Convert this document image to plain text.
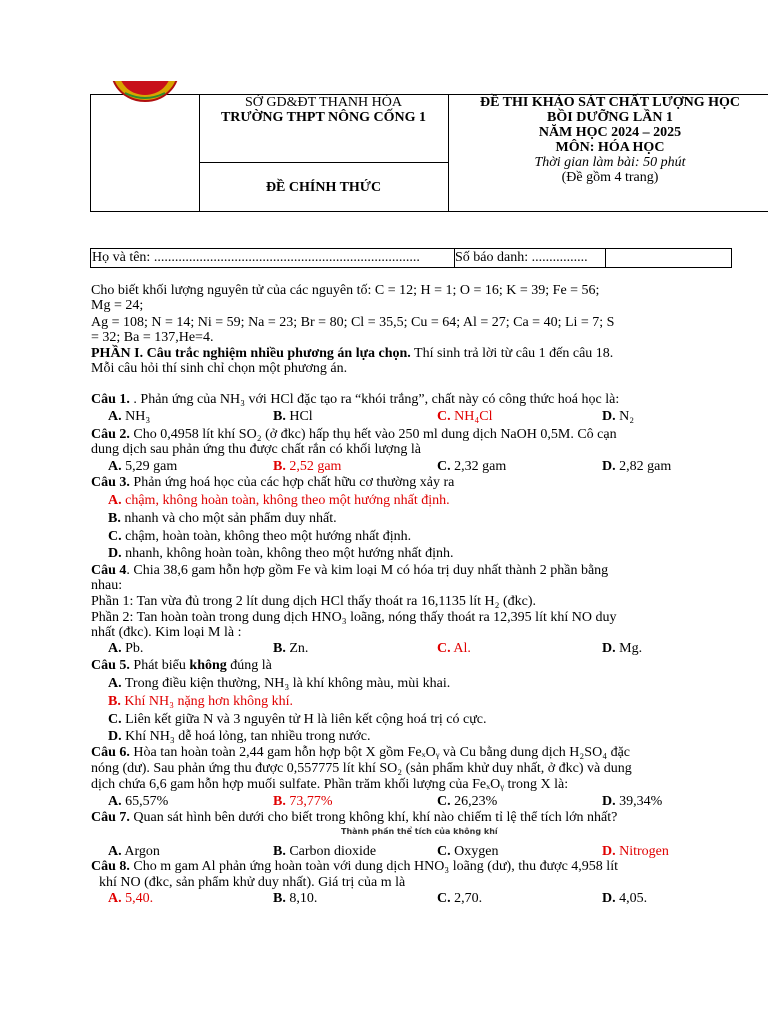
SỞ GD&ĐT THANH HÓA
TRƯỜNG THPT NÔNG CỐNG 1
ĐỀ CHÍNH THỨC
ĐỀ THI KHẢO SÁT CHẤT LƯỢNG HỌC
BỒI DƯỠNG LẦN 1
NĂM HỌC 2024 – 2025
MÔN: HÓA HỌC
Thời gian làm bài: 50 phút
(Đề gồm 4 trang)
Họ và tên: ............................................................................	Số báo danh: ................
Cho biết khối lượng nguyên tử của các nguyên tố: C = 12; H = 1; O = 16; K = 39; Fe = 56;
Mg = 24;
Ag = 108; N = 14; Ni = 59; Na = 23; Br = 80; Cl = 35,5; Cu = 64; Al = 27; Ca = 40; Li = 7; S
= 32; Ba = 137,He=4.
PHẦN I. Câu trắc nghiệm nhiều phương án lựa chọn. Thí sinh trả lời từ câu 1 đến câu 18.
Mỗi câu hỏi thí sinh chỉ chọn một phương án.
Câu 1. . Phản ứng của NH₃ với HCl đặc tạo ra “khói trắng”, chất này có công thức hoá học là:
A. NH₃	B. HCl	C. NH₄Cl	D. N₂
Câu 2. Cho 0,4958 lít khí SO₂ (ở đkc) hấp thụ hết vào 250 ml dung dịch NaOH 0,5M. Cô cạn
dung dịch sau phản ứng thu được chất rắn có khối lượng là
A. 5,29 gam	B. 2,52 gam	C. 2,32 gam	D. 2,82 gam
Câu 3. Phản ứng hoá học của các hợp chất hữu cơ thường xảy ra
A. chậm, không hoàn toàn, không theo một hướng nhất định.
B. nhanh và cho một sản phẩm duy nhất.
C. chậm, hoàn toàn, không theo một hướng nhất định.
D. nhanh, không hoàn toàn, không theo một hướng nhất định.
Câu 4. Chia 38,6 gam hỗn hợp gồm Fe và kim loại M có hóa trị duy nhất thành 2 phần bằng
nhau:
Phần 1: Tan vừa đủ trong 2 lít dung dịch HCl thấy thoát ra 16,1135 lít H₂ (đkc).
Phần 2: Tan hoàn toàn trong dung dịch HNO₃ loãng, nóng thấy thoát ra 12,395 lít khí NO duy
nhất (đkc). Kim loại M là :
A. Pb.	B. Zn.	C. Al.	D. Mg.
Câu 5. Phát biểu không đúng là
A. Trong điều kiện thường, NH₃ là khí không màu, mùi khai.
B. Khí NH₃ nặng hơn không khí.
C. Liên kết giữa N và 3 nguyên tử H là liên kết cộng hoá trị có cực.
D. Khí NH₃ dễ hoá lỏng, tan nhiều trong nước.
Câu 6. Hòa tan hoàn toàn 2,44 gam hỗn hợp bột X gồm FeₓOᵧ và Cu bằng dung dịch H₂SO₄ đặc
nóng (dư). Sau phản ứng thu được 0,557775 lít khí SO₂ (sản phẩm khử duy nhất, ở đkc) và dung
dịch chứa 6,6 gam hỗn hợp muối sulfate. Phần trăm khối lượng của FeₓOᵧ trong X là:
A. 65,57%	B. 73,77%	C. 26,23%	D. 39,34%
Câu 7. Quan sát hình bên dưới cho biết trong không khí, khí nào chiếm tỉ lệ thể tích lớn nhất?
Thành phần thể tích của không khí
A. Argon	B. Carbon dioxide	C. Oxygen	D. Nitrogen
Câu 8. Cho m gam Al phản ứng hoàn toàn với dung dịch HNO₃ loãng (dư), thu được 4,958 lít
khí NO (đkc, sản phẩm khử duy nhất). Giá trị của m là
A. 5,40.	B. 8,10.	C. 2,70.	D. 4,05.
